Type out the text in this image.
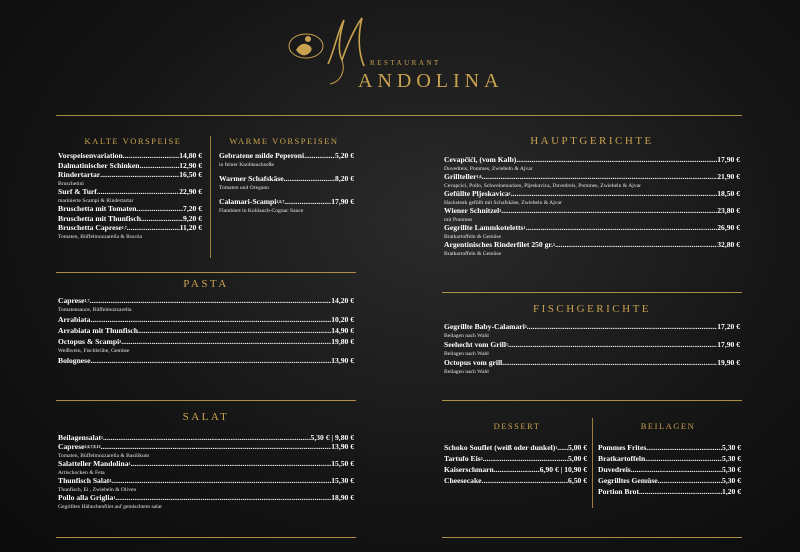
RESTAURANT
ANDOLINA
KALTE VORSPEISE	WARME VORSPEISEN
PASTA
SALAT
HAUPTGERICHTE
FISCHGERICHTE
DESSERT	BEILAGEN
Vorspeisenvariation .....	14,80 €
Dalmatinischer Schinken .....	12,90 €
Rindertartar .....	16,50 €
Bruschetini
Surf & Turf .....	22,90 €
marinierte Scampi & Rindertartar
Bruschetta mit Tomaten .....	7,20 €
Bruschetta mit Thunfisch .....	9,20 €
Bruschetta Caprese 1,7 .....	11,20 €
Tomaten, Büffelmozzarella & Rucola
Gebratene milde Peperoni .....	5,20 €
in feiner Knoblauchsoße
Warmer Schafskäse .....	8,20 €
Tomaten und Oregano
Calamari-Scampi 2,6,7 .....	17,90 €
Flambiert in Koblauch-Cognac Sauce
Caprese 1,7 .....	14,20 €
Tomatensauce, Büffelmozzarella
Arrabiata .....	10,20 €
Arrabiata mit Thunfisch .....	14,90 €
Octopus & Scampi 2 .....	19,80 €
Weißwein, Fischbrühe, Gemüse
Bolognese .....	13,90 €
Beilagensalat 1 .....	5,30 € | 9,80 €
Caprese 2,6,7,8,13 .....	13,90 €
Tomaten, Büffelmozzarella & Basilikum
Salatteller Mandolina 1 .....	15,50 €
Artischocken & Feta
Thunfisch Salat 4 .....	15,30 €
Thunfisch, Ei , Zwiebeln & Oliven
Pollo alla Griglia 1 .....	18,90 €
Gegrilltes Hähnchenfilet auf gemischtem salat
Cevapčići, (vom Kalb) .....	17,90 €
Duvedreis, Pommes, Zwiebeln & Ajvar
Grillteller 1,6 .....	21,90 €
Cevapcici, Pollo, Schweinenacken, Pljeskavica, Duvedreis, Pommes, Zwiebeln & Ajvar
Gefüllte Pljeskavica 1 .....	18,50 €
Hacksteak gefüllt mit Schafskäse, Zwiebeln & Ajvar
Wiener Schnitzel 2 .....	23,80 €
mit Pommes
Gegrillte Lammkoteletts 1 .....	26,90 €
Bratkartoffeln & Gemüse
Argentinisches Rinderfilet 250 gr. 1 .....	32,80 €
Bratkartoffeln & Gemüse
Gegrillte Baby-Calamari 2 .....	17,20 €
Beilagen nach Wahl
Seehecht vom Grill 1 .....	17,90 €
Beilagen nach Wahl
Octopus vom grill .....	19,90 €
Beilagen nach Wahl
Schoko Souflet (weiß oder dunkel) 1 ..... 5,00 €
Tartufo Eis 2 .....	5,00 €
Kaiserschmarn .....	6,90 € | 10,90 €
Cheesecake .....	6,50 €
Pommes Frites .....	5,30 €
Bratkartoffeln .....	5,30 €
Duvedreis .....	5,30 €
Gegrilltes Gemüse .....	5,30 €
Portion Brot .....	1,20 €
